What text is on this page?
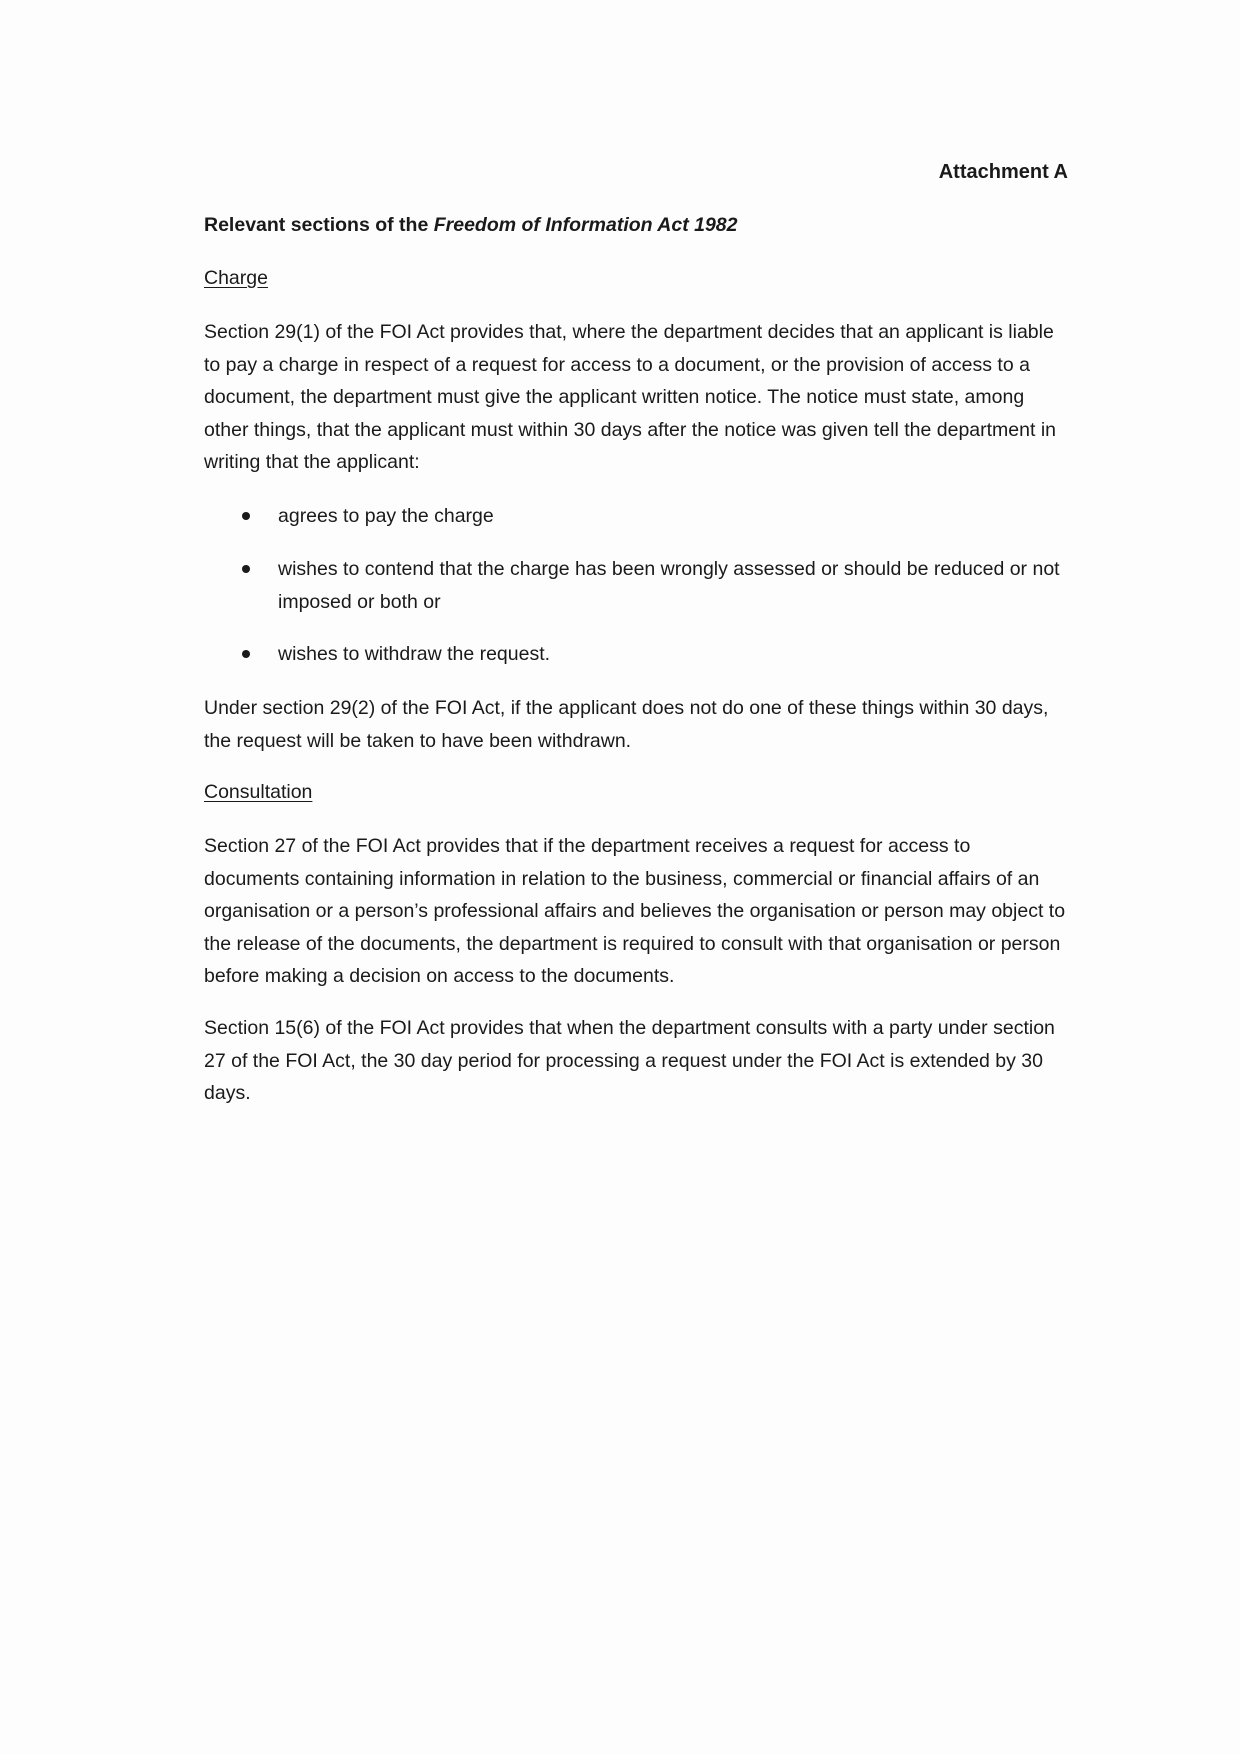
Attachment A
Relevant sections of the Freedom of Information Act 1982
Charge
Section 29(1) of the FOI Act provides that, where the department decides that an applicant is liable to pay a charge in respect of a request for access to a document, or the provision of access to a document, the department must give the applicant written notice. The notice must state, among other things, that the applicant must within 30 days after the notice was given tell the department in writing that the applicant:
agrees to pay the charge
wishes to contend that the charge has been wrongly assessed or should be reduced or not imposed or both or
wishes to withdraw the request.
Under section 29(2) of the FOI Act, if the applicant does not do one of these things within 30 days, the request will be taken to have been withdrawn.
Consultation
Section 27 of the FOI Act provides that if the department receives a request for access to documents containing information in relation to the business, commercial or financial affairs of an organisation or a person’s professional affairs and believes the organisation or person may object to the release of the documents, the department is required to consult with that organisation or person before making a decision on access to the documents.
Section 15(6) of the FOI Act provides that when the department consults with a party under section 27 of the FOI Act, the 30 day period for processing a request under the FOI Act is extended by 30 days.
